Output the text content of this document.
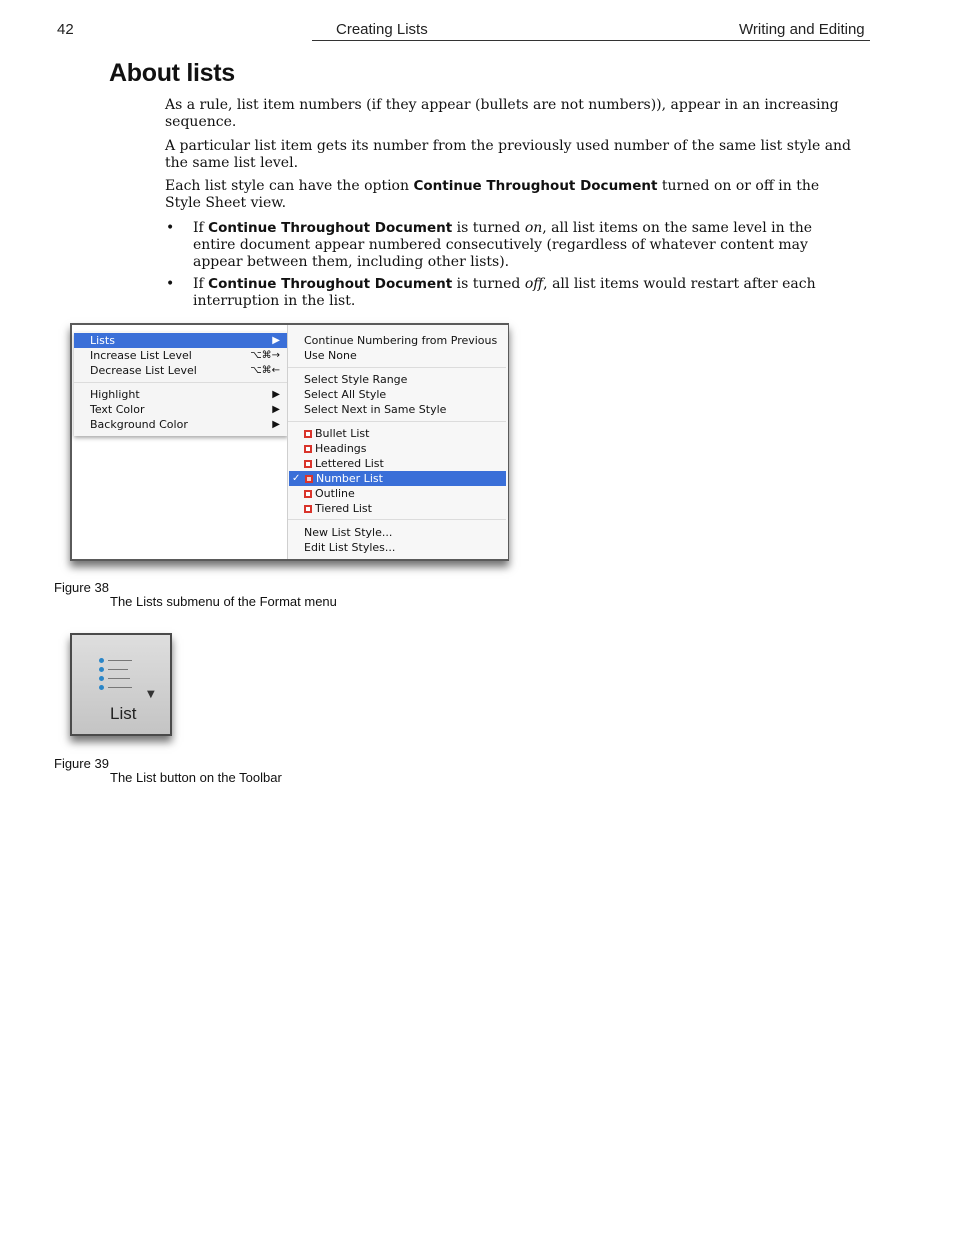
42	Creating Lists	Writing and Editing
About lists

As a rule, list item numbers (if they appear (bullets are not numbers)), appear in an increasing sequence.

A particular list item gets its number from the previously used number of the same list style and the same list level.

Each list style can have the option Continue Throughout Document turned on or off in the Style Sheet view.

• If Continue Throughout Document is turned on, all list items on the same level in the entire document appear numbered consecutively (regardless of whatever content may appear between them, including other lists).

• If Continue Throughout Document is turned off, all list items would restart after each interruption in the list.

Lists	▶
Increase List Level	⌥⌘→
Decrease List Level	⌥⌘←
Highlight	▶
Text Color	▶
Background Color	▶
Continue Numbering from Previous
Use None
Select Style Range
Select All Style
Select Next in Same Style
Bullet List
Headings
Lettered List
✓	Number List
Outline
Tiered List
New List Style...
Edit List Styles...
Figure 38
The Lists submenu of the Format menu
▼
List
Figure 39
The List button on the Toolbar
